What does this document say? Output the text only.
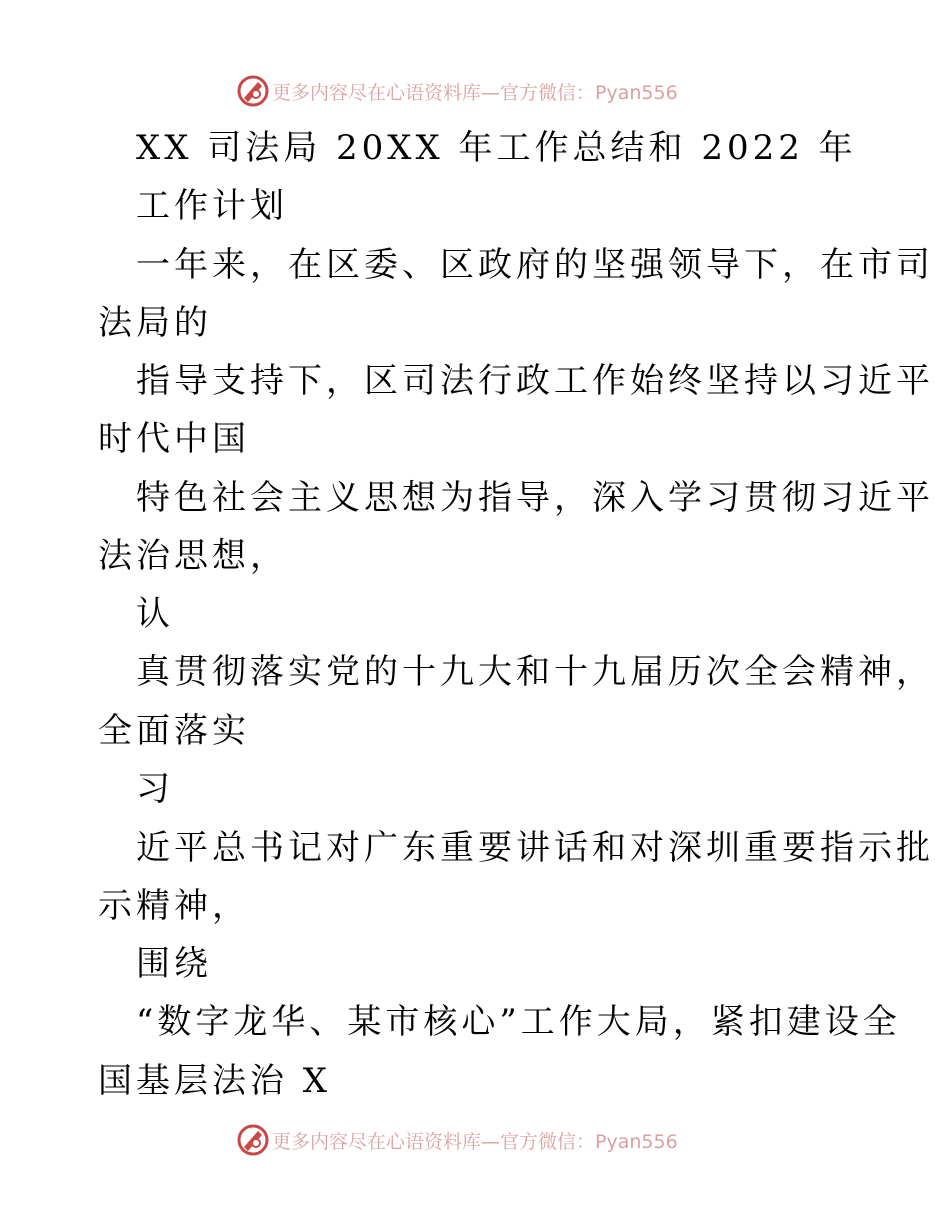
更多内容尽在心语资料库—官方微信：Pyan556
XX 司法局 20XX 年工作总结和 2022 年
工作计划
一年来，在区委、区政府的坚强领导下，在市司
法局的
指导支持下，区司法行政工作始终坚持以习近平
时代中国
特色社会主义思想为指导，深入学习贯彻习近平
法治思想，
认
真贯彻落实党的十九大和十九届历次全会精神，
全面落实
习
近平总书记对广东重要讲话和对深圳重要指示批
示精神，
围绕
“数字龙华、某市核心”工作大局，紧扣建设全
国基层法治 X
更多内容尽在心语资料库—官方微信：Pyan556
